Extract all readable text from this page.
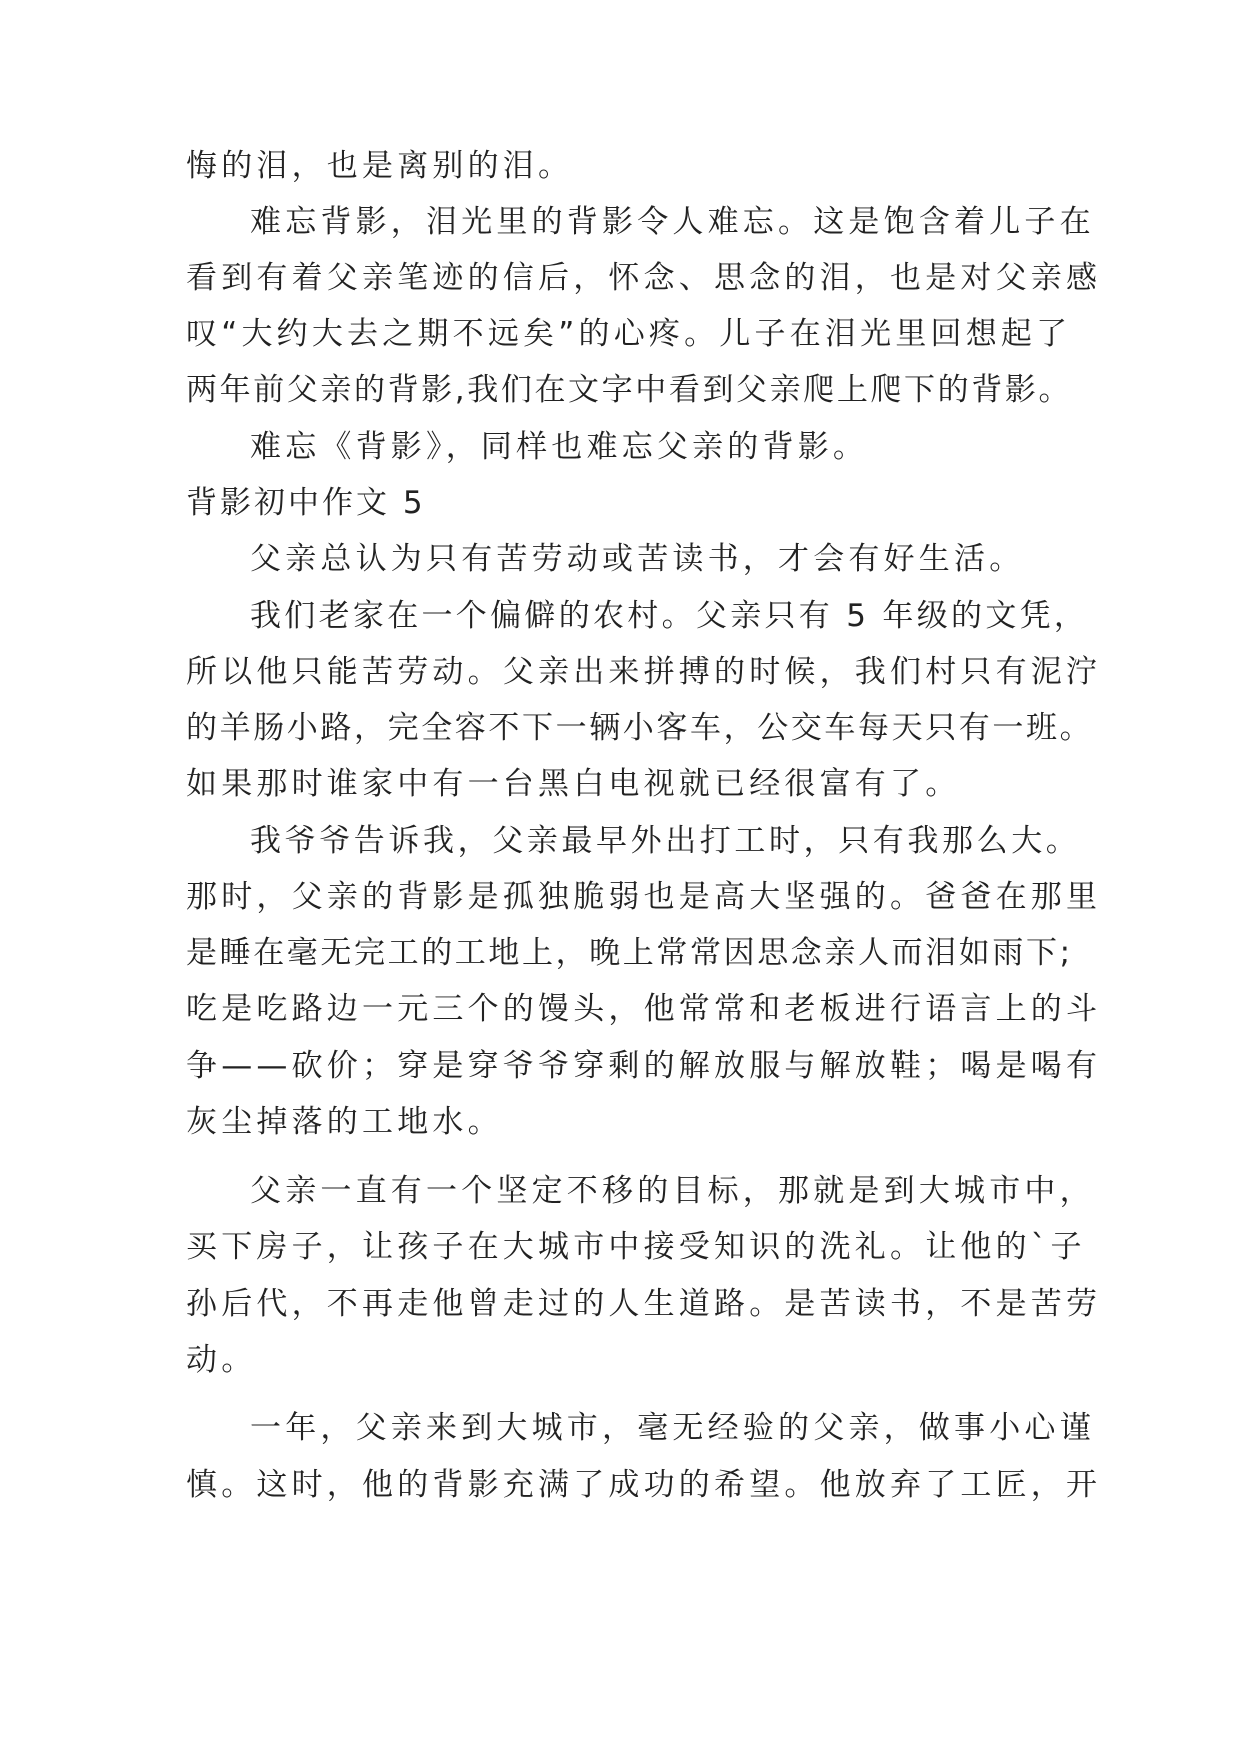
悔的泪，也是离别的泪。
难忘背影，泪光里的背影令人难忘。这是饱含着儿子在
看到有着父亲笔迹的信后，怀念、思念的泪，也是对父亲感
叹“大约大去之期不远矣”的心疼。儿子在泪光里回想起了
两年前父亲的背影,我们在文字中看到父亲爬上爬下的背影。
难忘《背影》，同样也难忘父亲的背影。
背影初中作文 5
父亲总认为只有苦劳动或苦读书，才会有好生活。
我们老家在一个偏僻的农村。父亲只有 5 年级的文凭，
所以他只能苦劳动。父亲出来拼搏的时候，我们村只有泥泞
的羊肠小路，完全容不下一辆小客车，公交车每天只有一班。
如果那时谁家中有一台黑白电视就已经很富有了。
我爷爷告诉我，父亲最早外出打工时，只有我那么大。
那时，父亲的背影是孤独脆弱也是高大坚强的。爸爸在那里
是睡在毫无完工的工地上，晚上常常因思念亲人而泪如雨下;
吃是吃路边一元三个的馒头，他常常和老板进行语言上的斗
争——砍价；穿是穿爷爷穿剩的解放服与解放鞋；喝是喝有
灰尘掉落的工地水。
父亲一直有一个坚定不移的目标，那就是到大城市中，
买下房子，让孩子在大城市中接受知识的洗礼。让他的`子
孙后代，不再走他曾走过的人生道路。是苦读书，不是苦劳
动。
一年，父亲来到大城市，毫无经验的父亲，做事小心谨
慎。这时，他的背影充满了成功的希望。他放弃了工匠，开
